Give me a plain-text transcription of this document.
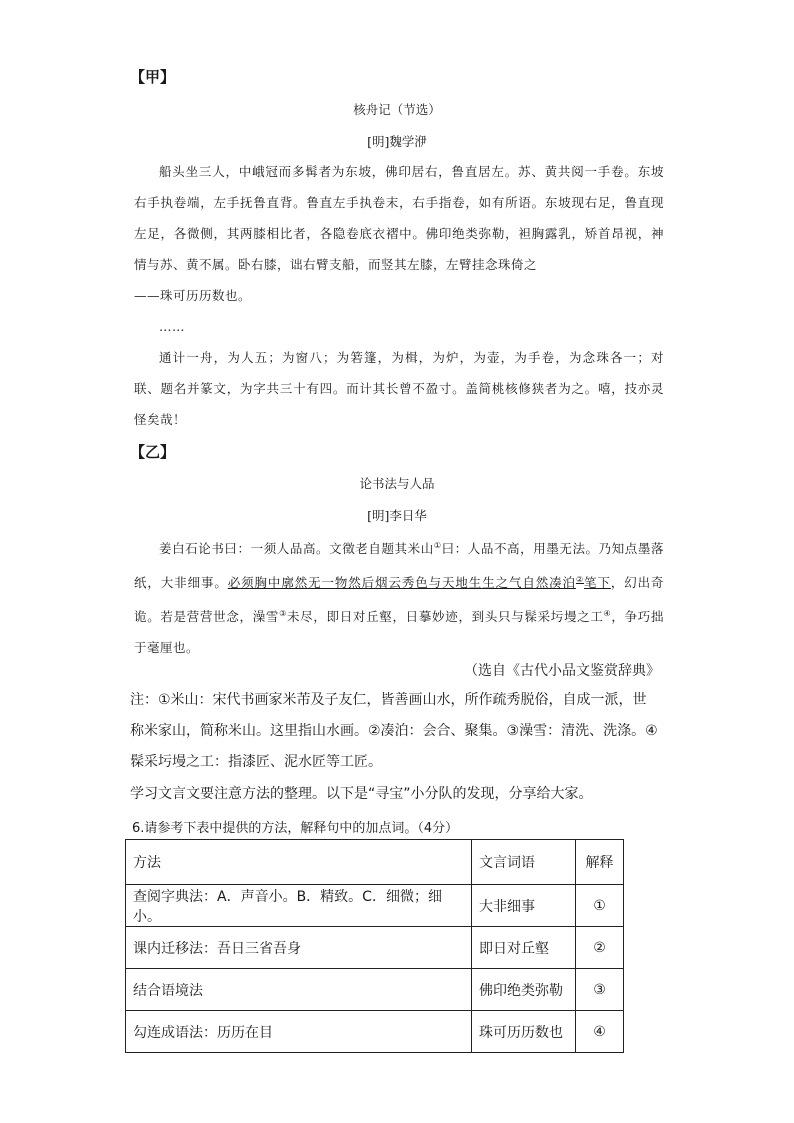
【甲】
核舟记（节选）
[明]魏学洢

船头坐三人，中峨冠而多髯者为东坡，佛印居右，鲁直居左。苏、黄共阅一手卷。东坡右手执卷端，左手抚鲁直背。鲁直左手执卷末，右手指卷，如有所语。东坡现右足，鲁直现左足，各微侧，其两膝相比者，各隐卷底衣褶中。佛印绝类弥勒，袒胸露乳，矫首昂视，神情与苏、黄不属。卧右膝，诎右臂支船，而竖其左膝，左臂挂念珠倚之

——珠可历历数也。

……

通计一舟，为人五；为窗八；为箬篷，为楫，为炉，为壶，为手卷，为念珠各一；对联、题名并篆文，为字共三十有四。而计其长曾不盈寸。盖简桃核修狭者为之。嘻，技亦灵怪矣哉！

【乙】
论书法与人品
[明]李日华

姜白石论书曰：一须人品高。文徵老自题其米山①曰：人品不高，用墨无法。乃知点墨落纸，大非细事。必须胸中廓然无一物然后烟云秀色与天地生生之气自然凑泊②笔下，幻出奇诡。若是营营世念，澡雪③未尽，即日对丘壑，日摹妙迹，到头只与髹采圬墁之工④，争巧拙于毫厘也。

（选自《古代小品文鉴赏辞典》
注：①米山：宋代书画家米芾及子友仁，皆善画山水，所作疏秀脱俗，自成一派，世称米家山，简称米山。这里指山水画。②凑泊：会合、聚集。③澡雪：清洗、洗涤。④髹采圬墁之工：指漆匠、泥水匠等工匠。
学习文言文要注意方法的整理。以下是“寻宝”小分队的发现，分享给大家。
6.请参考下表中提供的方法，解释句中的加点词。（4分）
方法	文言词语	解释
查阅字典法：A．声音小。B．精致。C．细微；细小。	大非细事	①
课内迁移法：吾日三省吾身	即日对丘壑	②
结合语境法	佛印绝类弥勒	③
勾连成语法：历历在目	珠可历历数也	④
